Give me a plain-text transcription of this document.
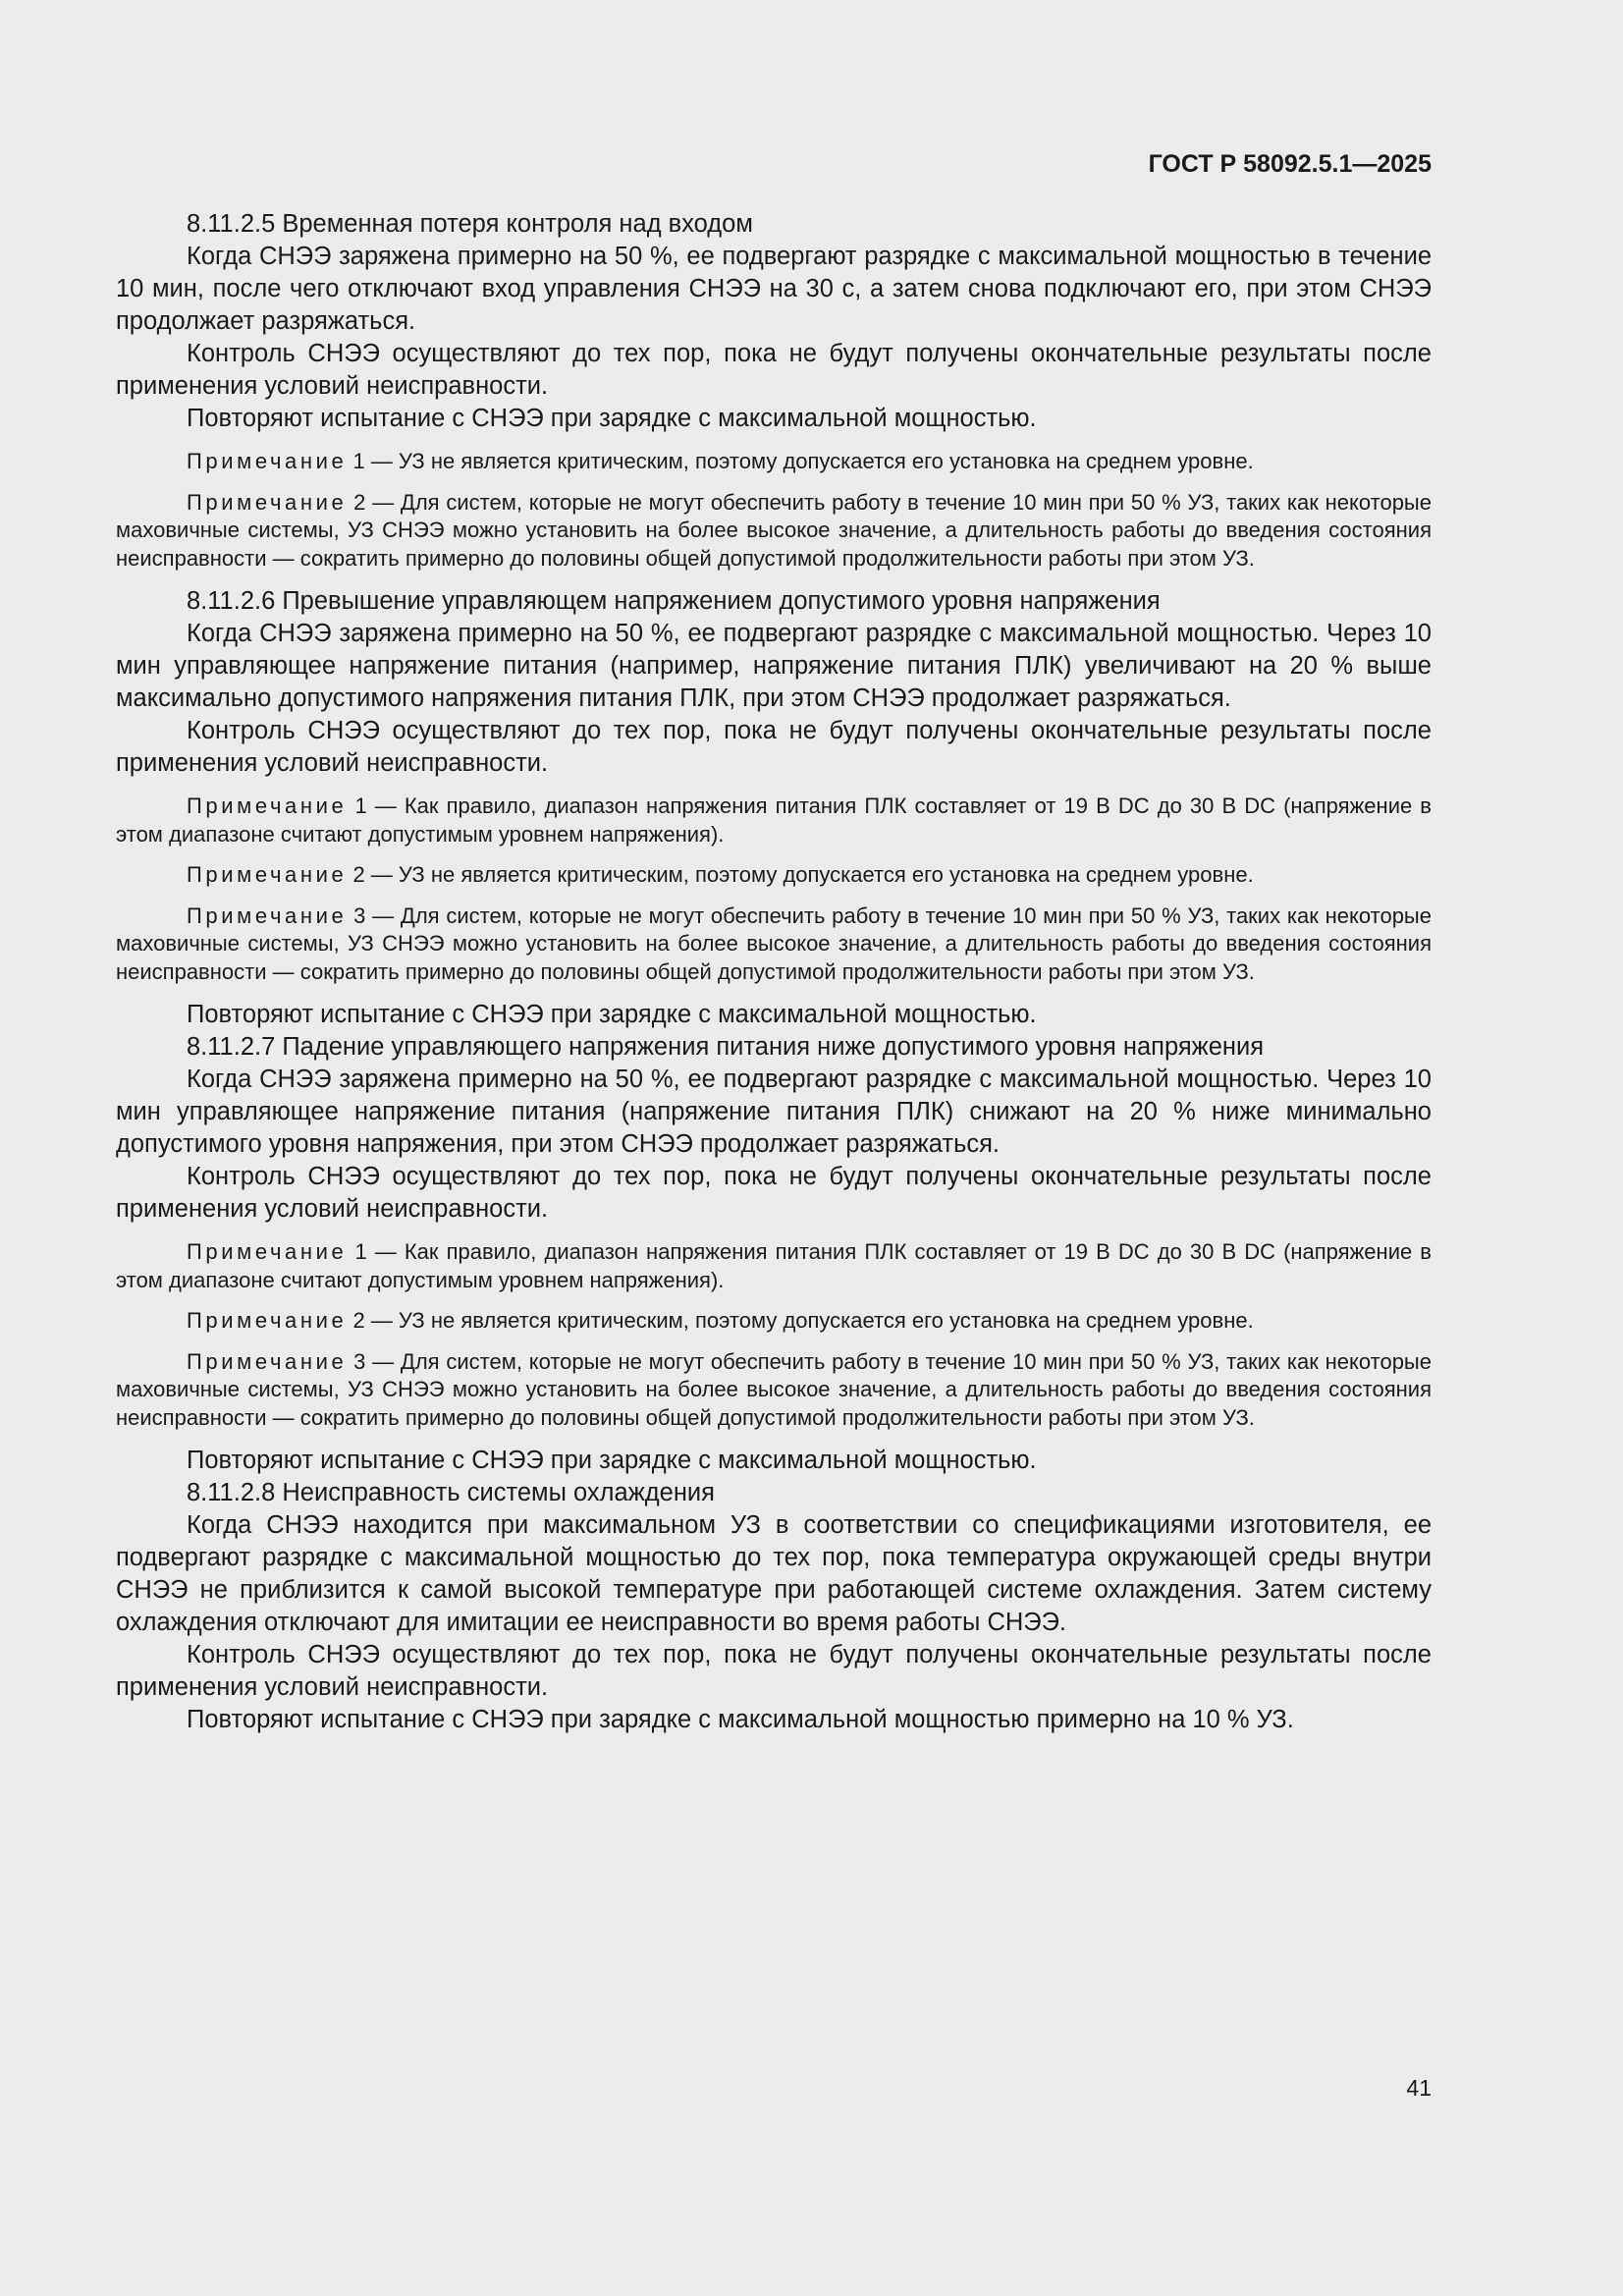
ГОСТ Р 58092.5.1—2025
8.11.2.5 Временная потеря контроля над входом
Когда СНЭЭ заряжена примерно на 50 %, ее подвергают разрядке с максимальной мощностью в течение 10 мин, после чего отключают вход управления СНЭЭ на 30 с, а затем снова подключают его, при этом СНЭЭ продолжает разряжаться.
Контроль СНЭЭ осуществляют до тех пор, пока не будут получены окончательные результаты после применения условий неисправности.
Повторяют испытание с СНЭЭ при зарядке с максимальной мощностью.
Примечание 1 — УЗ не является критическим, поэтому допускается его установка на среднем уровне.
Примечание 2 — Для систем, которые не могут обеспечить работу в течение 10 мин при 50 % УЗ, таких как некоторые маховичные системы, УЗ СНЭЭ можно установить на более высокое значение, а длительность работы до введения состояния неисправности — сократить примерно до половины общей допустимой продолжительности работы при этом УЗ.
8.11.2.6 Превышение управляющем напряжением допустимого уровня напряжения
Когда СНЭЭ заряжена примерно на 50 %, ее подвергают разрядке с максимальной мощностью. Через 10 мин управляющее напряжение питания (например, напряжение питания ПЛК) увеличивают на 20 % выше максимально допустимого напряжения питания ПЛК, при этом СНЭЭ продолжает разряжаться.
Контроль СНЭЭ осуществляют до тех пор, пока не будут получены окончательные результаты после применения условий неисправности.
Примечание 1 — Как правило, диапазон напряжения питания ПЛК составляет от 19 В DC до 30 В DC (напряжение в этом диапазоне считают допустимым уровнем напряжения).
Примечание 2 — УЗ не является критическим, поэтому допускается его установка на среднем уровне.
Примечание 3 — Для систем, которые не могут обеспечить работу в течение 10 мин при 50 % УЗ, таких как некоторые маховичные системы, УЗ СНЭЭ можно установить на более высокое значение, а длительность работы до введения состояния неисправности — сократить примерно до половины общей допустимой продолжительности работы при этом УЗ.
Повторяют испытание с СНЭЭ при зарядке с максимальной мощностью.
8.11.2.7 Падение управляющего напряжения питания ниже допустимого уровня напряжения
Когда СНЭЭ заряжена примерно на 50 %, ее подвергают разрядке с максимальной мощностью. Через 10 мин управляющее напряжение питания (напряжение питания ПЛК) снижают на 20 % ниже минимально допустимого уровня напряжения, при этом СНЭЭ продолжает разряжаться.
Контроль СНЭЭ осуществляют до тех пор, пока не будут получены окончательные результаты после применения условий неисправности.
Примечание 1 — Как правило, диапазон напряжения питания ПЛК составляет от 19 В DC до 30 В DC (напряжение в этом диапазоне считают допустимым уровнем напряжения).
Примечание 2 — УЗ не является критическим, поэтому допускается его установка на среднем уровне.
Примечание 3 — Для систем, которые не могут обеспечить работу в течение 10 мин при 50 % УЗ, таких как некоторые маховичные системы, УЗ СНЭЭ можно установить на более высокое значение, а длительность работы до введения состояния неисправности — сократить примерно до половины общей допустимой продолжительности работы при этом УЗ.
Повторяют испытание с СНЭЭ при зарядке с максимальной мощностью.
8.11.2.8 Неисправность системы охлаждения
Когда СНЭЭ находится при максимальном УЗ в соответствии со спецификациями изготовителя, ее подвергают разрядке с максимальной мощностью до тех пор, пока температура окружающей среды внутри СНЭЭ не приблизится к самой высокой температуре при работающей системе охлаждения. Затем систему охлаждения отключают для имитации ее неисправности во время работы СНЭЭ.
Контроль СНЭЭ осуществляют до тех пор, пока не будут получены окончательные результаты после применения условий неисправности.
Повторяют испытание с СНЭЭ при зарядке с максимальной мощностью примерно на 10 % УЗ.
41
